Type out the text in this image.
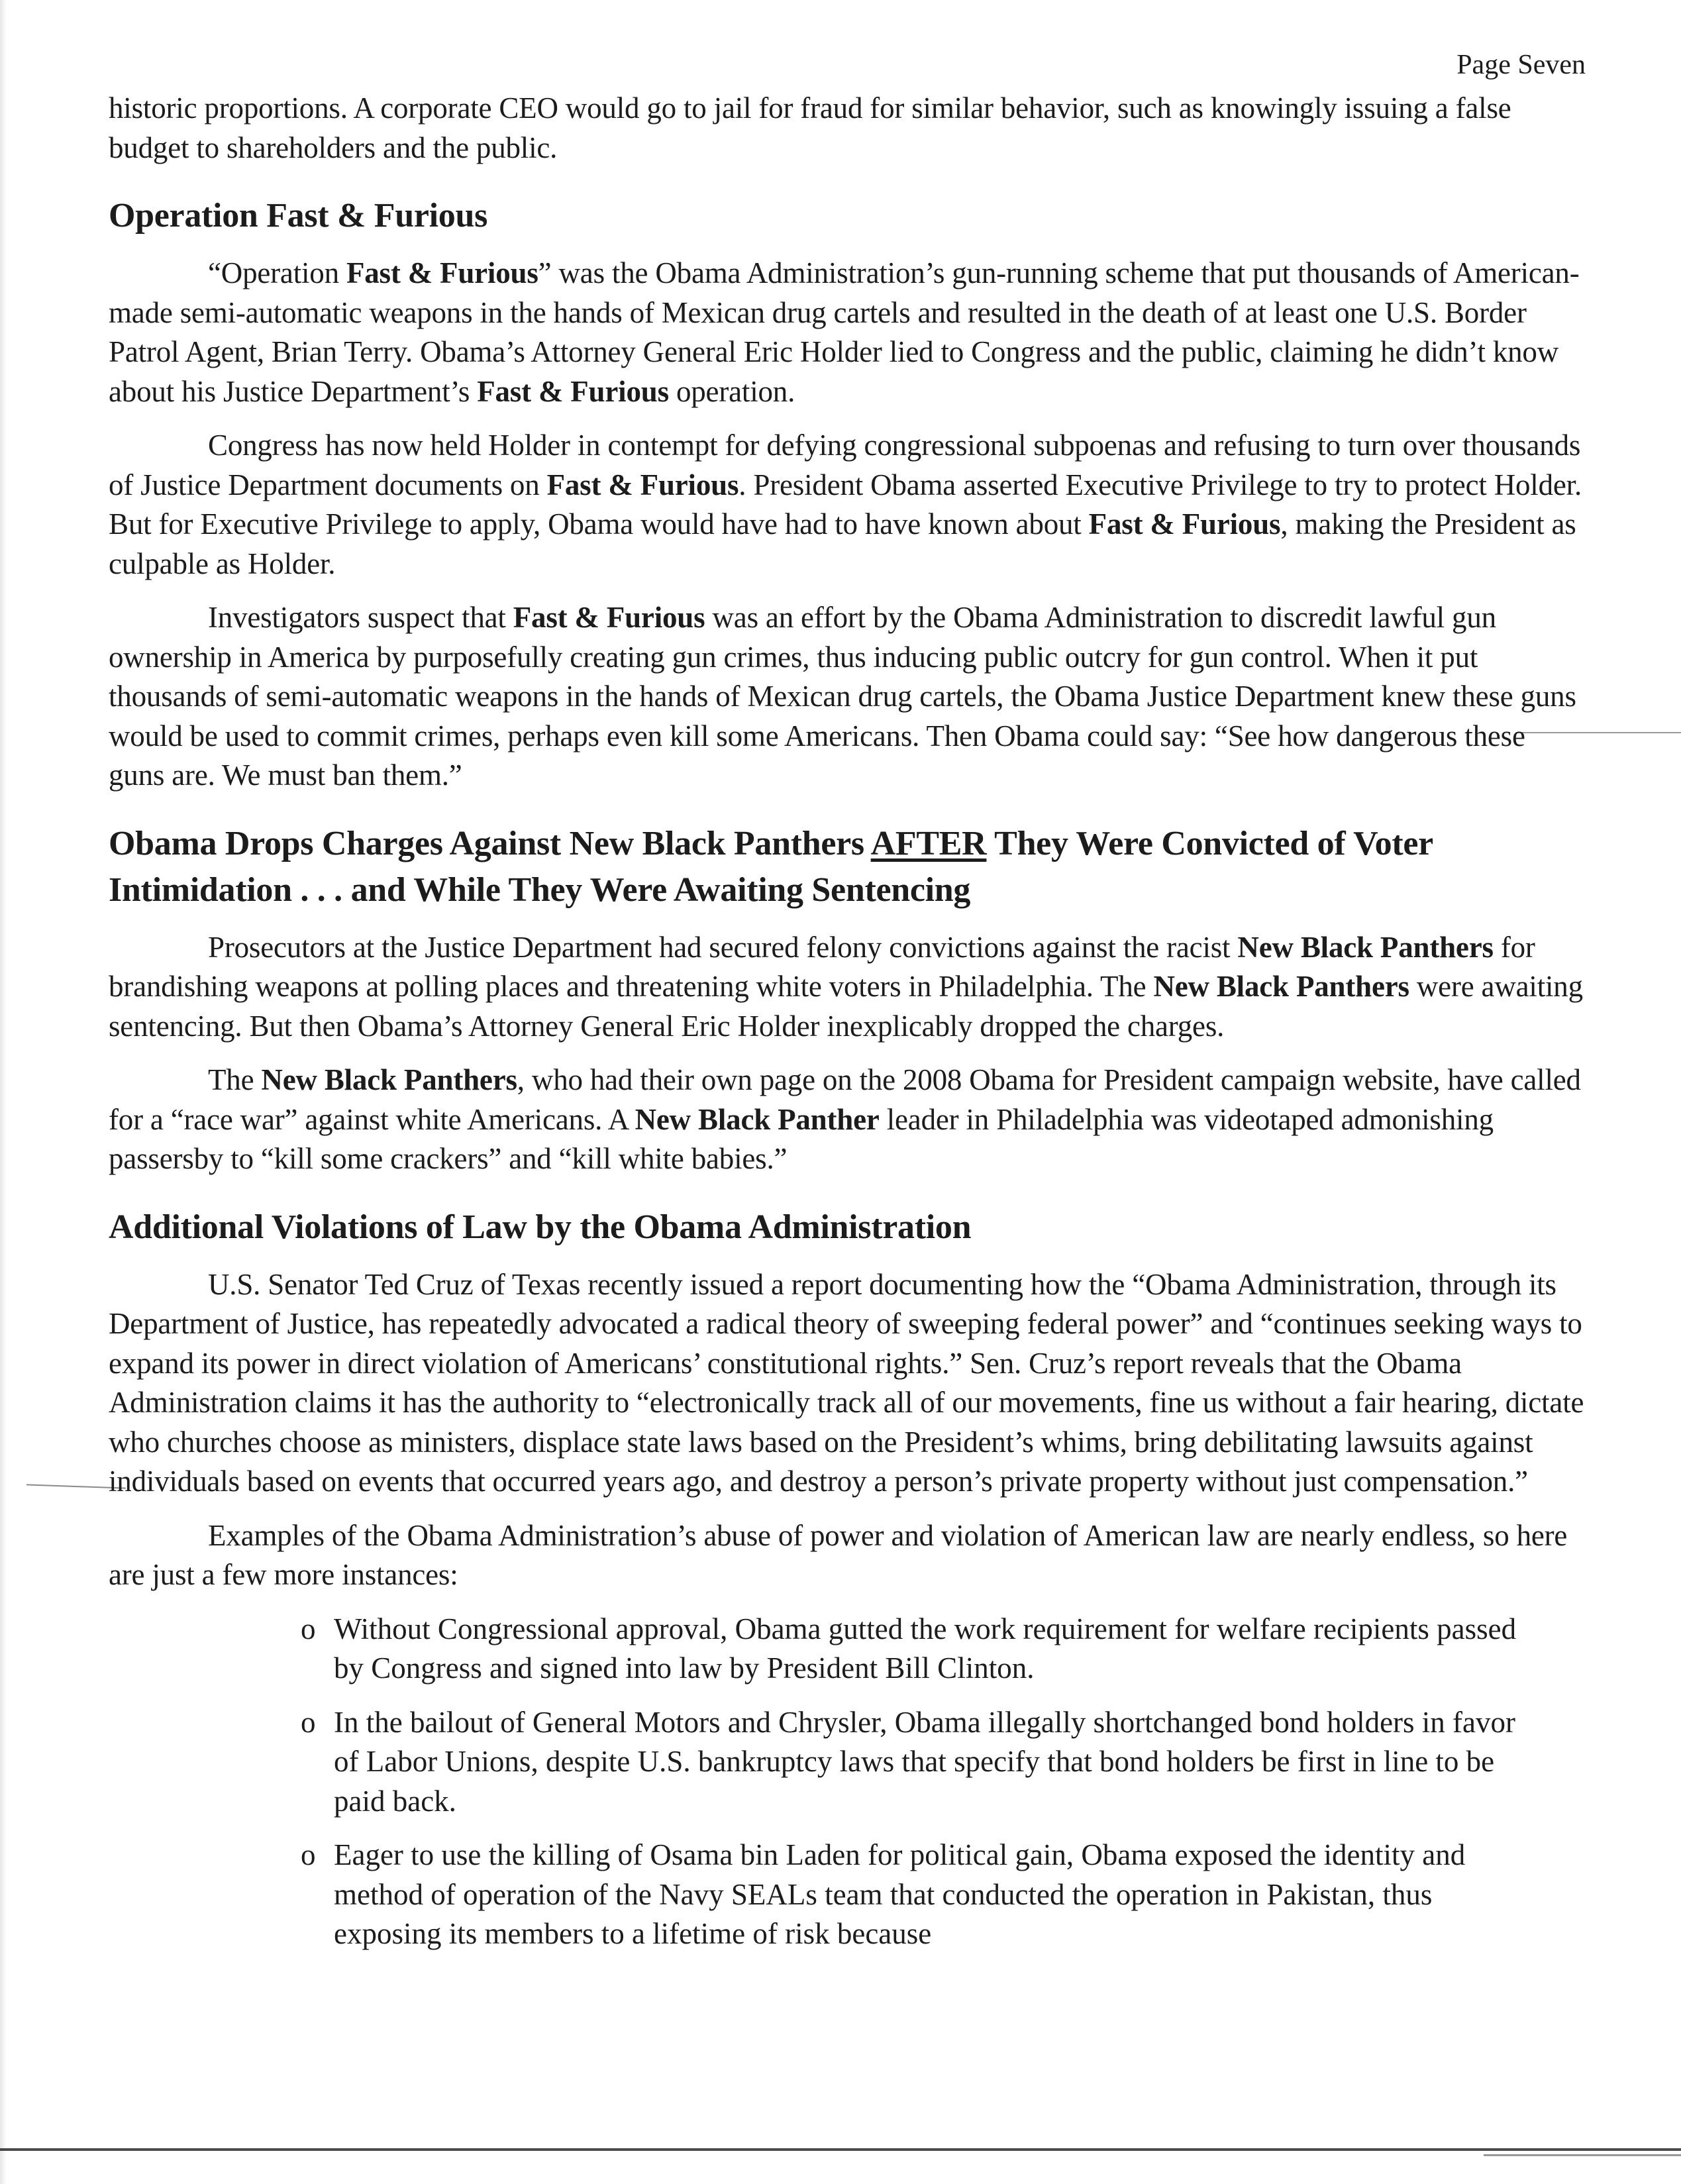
Page Seven

historic proportions. A corporate CEO would go to jail for fraud for similar behavior, such as knowingly issuing a false budget to shareholders and the public.

Operation Fast & Furious

“Operation Fast & Furious” was the Obama Administration’s gun-running scheme that put thousands of American-made semi-automatic weapons in the hands of Mexican drug cartels and resulted in the death of at least one U.S. Border Patrol Agent, Brian Terry. Obama’s Attorney General Eric Holder lied to Congress and the public, claiming he didn’t know about his Justice Department’s Fast & Furious operation.

Congress has now held Holder in contempt for defying congressional subpoenas and refusing to turn over thousands of Justice Department documents on Fast & Furious. President Obama asserted Executive Privilege to try to protect Holder. But for Executive Privilege to apply, Obama would have had to have known about Fast & Furious, making the President as culpable as Holder.

Investigators suspect that Fast & Furious was an effort by the Obama Administration to discredit lawful gun ownership in America by purposefully creating gun crimes, thus inducing public outcry for gun control. When it put thousands of semi-automatic weapons in the hands of Mexican drug cartels, the Obama Justice Department knew these guns would be used to commit crimes, perhaps even kill some Americans. Then Obama could say: “See how dangerous these guns are. We must ban them.”

Obama Drops Charges Against New Black Panthers AFTER They Were Convicted of Voter Intimidation . . . and While They Were Awaiting Sentencing

Prosecutors at the Justice Department had secured felony convictions against the racist New Black Panthers for brandishing weapons at polling places and threatening white voters in Philadelphia. The New Black Panthers were awaiting sentencing. But then Obama’s Attorney General Eric Holder inexplicably dropped the charges.

The New Black Panthers, who had their own page on the 2008 Obama for President campaign website, have called for a “race war” against white Americans. A New Black Panther leader in Philadelphia was videotaped admonishing passersby to “kill some crackers” and “kill white babies.”

Additional Violations of Law by the Obama Administration

U.S. Senator Ted Cruz of Texas recently issued a report documenting how the “Obama Administration, through its Department of Justice, has repeatedly advocated a radical theory of sweeping federal power” and “continues seeking ways to expand its power in direct violation of Americans’ constitutional rights.” Sen. Cruz’s report reveals that the Obama Administration claims it has the authority to “electronically track all of our movements, fine us without a fair hearing, dictate who churches choose as ministers, displace state laws based on the President’s whims, bring debilitating lawsuits against individuals based on events that occurred years ago, and destroy a person’s private property without just compensation.”

Examples of the Obama Administration’s abuse of power and violation of American law are nearly endless, so here are just a few more instances:

o Without Congressional approval, Obama gutted the work requirement for welfare recipients passed by Congress and signed into law by President Bill Clinton.
o In the bailout of General Motors and Chrysler, Obama illegally shortchanged bond holders in favor of Labor Unions, despite U.S. bankruptcy laws that specify that bond holders be first in line to be paid back.
o Eager to use the killing of Osama bin Laden for political gain, Obama exposed the identity and method of operation of the Navy SEALs team that conducted the operation in Pakistan, thus exposing its members to a lifetime of risk because
